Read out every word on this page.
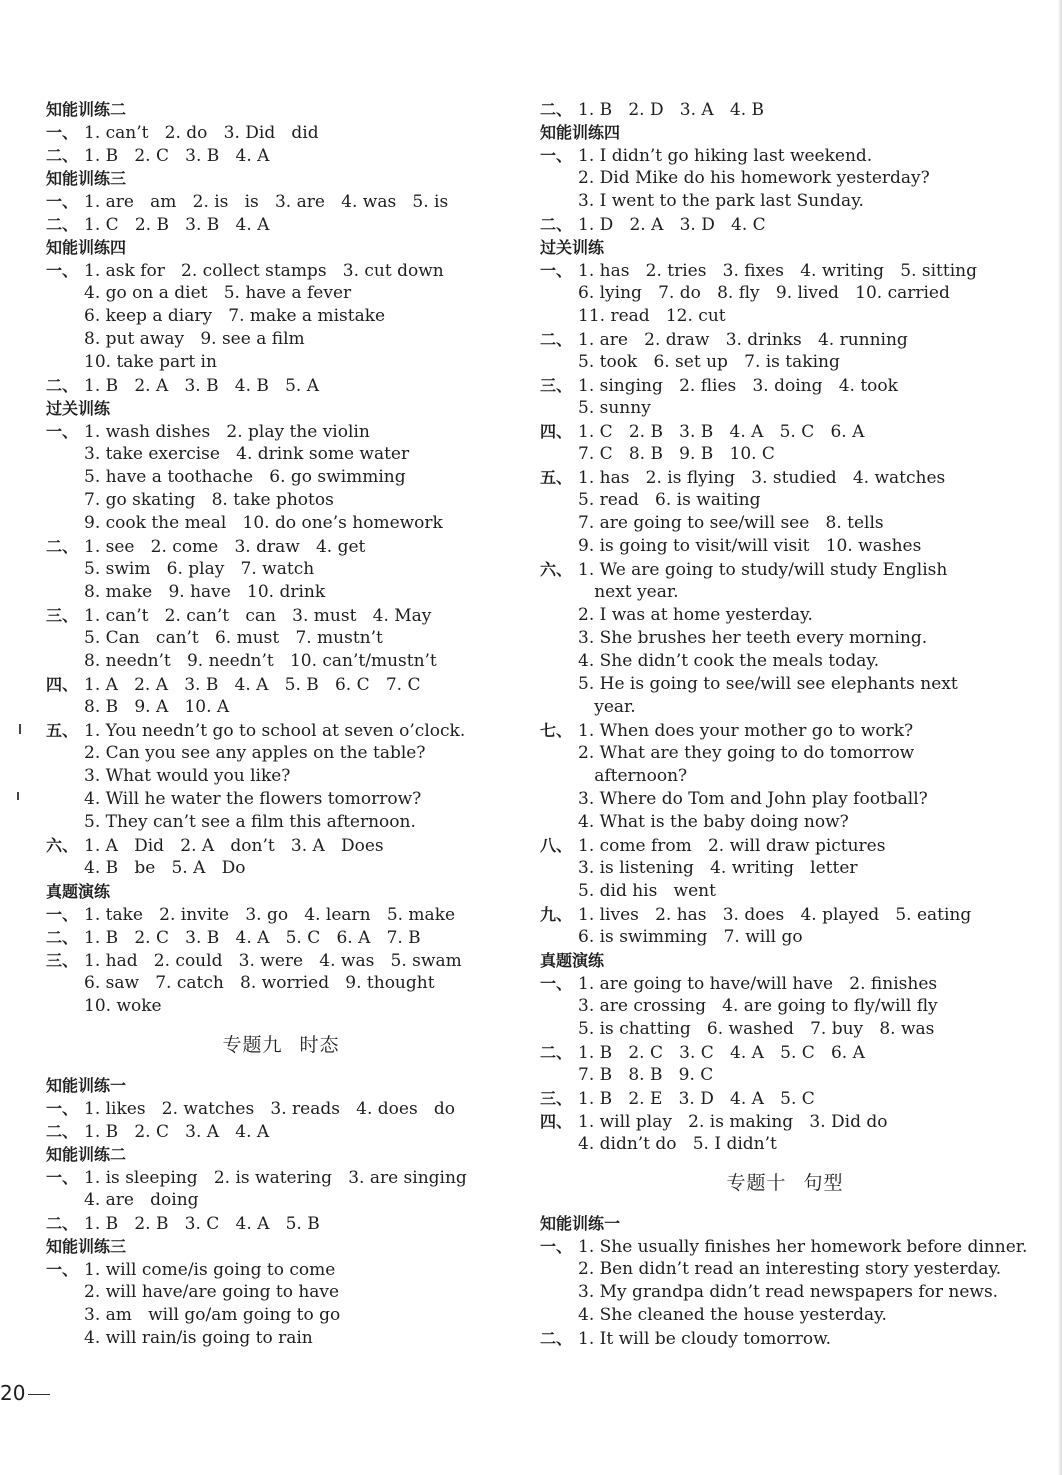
知能训练二
一、 1. can’t   2. do   3. Did   did
二、 1. B   2. C   3. B   4. A
知能训练三
一、 1. are   am   2. is   is   3. are   4. was   5. is
二、 1. C   2. B   3. B   4. A
知能训练四
一、 1. ask for   2. collect stamps   3. cut down
4. go on a diet   5. have a fever
6. keep a diary   7. make a mistake
8. put away   9. see a film
10. take part in
二、 1. B   2. A   3. B   4. B   5. A
过关训练
一、 1. wash dishes   2. play the violin
3. take exercise   4. drink some water
5. have a toothache   6. go swimming
7. go skating   8. take photos
9. cook the meal   10. do one’s homework
二、 1. see   2. come   3. draw   4. get
5. swim   6. play   7. watch
8. make   9. have   10. drink
三、 1. can’t   2. can’t   can   3. must   4. May
5. Can   can’t   6. must   7. mustn’t
8. needn’t   9. needn’t   10. can’t/mustn’t
四、 1. A   2. A   3. B   4. A   5. B   6. C   7. C
8. B   9. A   10. A
五、 1. You needn’t go to school at seven o’clock.
2. Can you see any apples on the table?
3. What would you like?
4. Will he water the flowers tomorrow?
5. They can’t see a film this afternoon.
六、 1. A   Did   2. A   don’t   3. A   Does
4. B   be   5. A   Do
真题演练
一、 1. take   2. invite   3. go   4. learn   5. make
二、 1. B   2. C   3. B   4. A   5. C   6. A   7. B
三、 1. had   2. could   3. were   4. was   5. swam
6. saw   7. catch   8. worried   9. thought
10. woke
专题九 时态
知能训练一
一、 1. likes   2. watches   3. reads   4. does   do
二、 1. B   2. C   3. A   4. A
知能训练二
一、 1. is sleeping   2. is watering   3. are singing
4. are   doing
二、 1. B   2. B   3. C   4. A   5. B
知能训练三
一、 1. will come/is going to come
2. will have/are going to have
3. am   will go/am going to go
4. will rain/is going to rain
二、 1. B   2. D   3. A   4. B
知能训练四
一、 1. I didn’t go hiking last weekend.
2. Did Mike do his homework yesterday?
3. I went to the park last Sunday.
二、 1. D   2. A   3. D   4. C
过关训练
一、 1. has   2. tries   3. fixes   4. writing   5. sitting
6. lying   7. do   8. fly   9. lived   10. carried
11. read   12. cut
二、 1. are   2. draw   3. drinks   4. running
5. took   6. set up   7. is taking
三、 1. singing   2. flies   3. doing   4. took
5. sunny
四、 1. C   2. B   3. B   4. A   5. C   6. A
7. C   8. B   9. B   10. C
五、 1. has   2. is flying   3. studied   4. watches
5. read   6. is waiting
7. are going to see/will see   8. tells
9. is going to visit/will visit   10. washes
六、 1. We are going to study/will study English
next year.
2. I was at home yesterday.
3. She brushes her teeth every morning.
4. She didn’t cook the meals today.
5. He is going to see/will see elephants next
year.
七、 1. When does your mother go to work?
2. What are they going to do tomorrow
afternoon?
3. Where do Tom and John play football?
4. What is the baby doing now?
八、 1. come from   2. will draw pictures
3. is listening   4. writing   letter
5. did his   went
九、 1. lives   2. has   3. does   4. played   5. eating
6. is swimming   7. will go
真题演练
一、 1. are going to have/will have   2. finishes
3. are crossing   4. are going to fly/will fly
5. is chatting   6. washed   7. buy   8. was
二、 1. B   2. C   3. C   4. A   5. C   6. A
7. B   8. B   9. C
三、 1. B   2. E   3. D   4. A   5. C
四、 1. will play   2. is making   3. Did do
4. didn’t do   5. I didn’t
专题十 句型
知能训练一
一、 1. She usually finishes her homework before dinner.
2. Ben didn’t read an interesting story yesterday.
3. My grandpa didn’t read newspapers for news.
4. She cleaned the house yesterday.
二、 1. It will be cloudy tomorrow.
20
